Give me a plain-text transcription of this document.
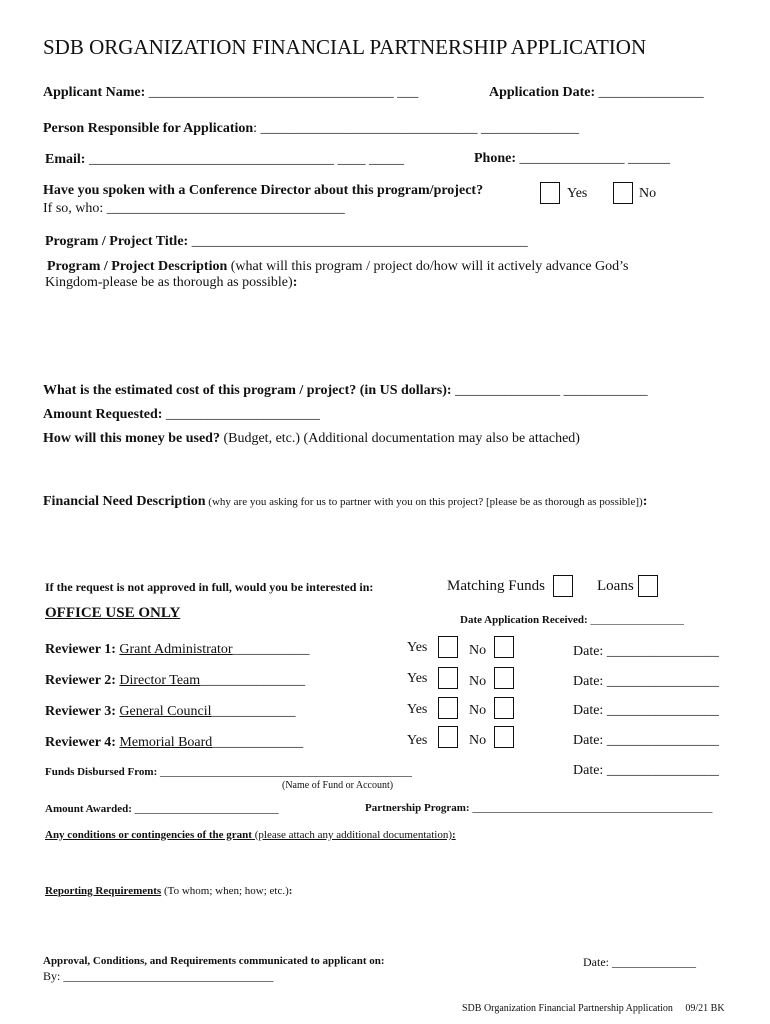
SDB ORGANIZATION FINANCIAL PARTNERSHIP APPLICATION
Applicant Name: ___________________________________ ___	Application Date: _______________
Person Responsible for Application: _______________________________ ______________
Email: ___________________________________ ____ _____	Phone: _______________ ______
Have you spoken with a Conference Director about this program/project?	Yes	No
If so, who: __________________________________
Program / Project Title: ________________________________________________
Program / Project Description (what will this program / project do/how will it actively advance God’s
Kingdom-please be as thorough as possible):
What is the estimated cost of this program / project? (in US dollars): _______________ ____________
Amount Requested: ______________________
How will this money be used? (Budget, etc.) (Additional documentation may also be attached)
Financial Need Description (why are you asking for us to partner with you on this project? [please be as thorough as possible]):
If the request is not approved in full, would you be interested in:	Matching Funds	Loans
OFFICE USE ONLY	Date Application Received: _________________
Reviewer 1: Grant Administrator___________	Yes	No	Date: ________________
Reviewer 2: Director Team_______________	Yes	No	Date: ________________
Reviewer 3: General Council____________	Yes	No	Date: ________________
Reviewer 4: Memorial Board_____________	Yes	No	Date: ________________
Funds Disbursed From: __________________________________________
(Name of Fund or Account)
Date: ________________
Amount Awarded: ________________________	Partnership Program: ________________________________________
Any conditions or contingencies of the grant (please attach any additional documentation):
Reporting Requirements (To whom; when; how; etc.):
Approval, Conditions, and Requirements communicated to applicant on:	Date: ______________
By: ___________________________________
SDB Organization Financial Partnership Application 09/21 BK
